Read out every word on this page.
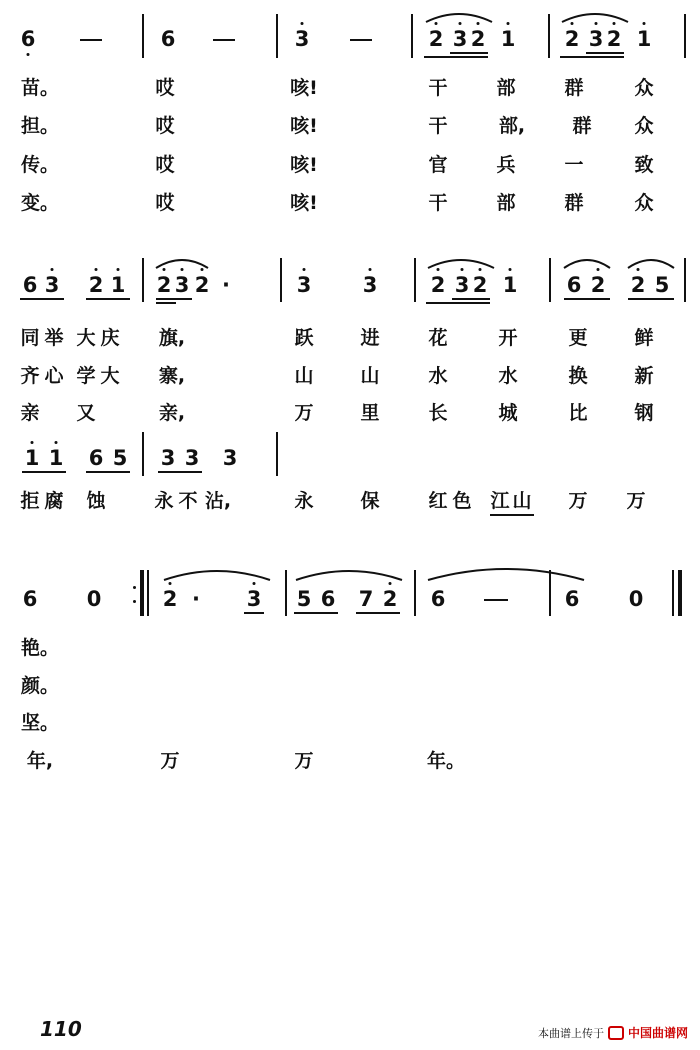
6	6	3	2 3 2 1 2 3 2 1
苗。	哎	咳!	干	部	群	众
担。	哎	咳!	干	部, 群 众
传。	哎	咳!	官	兵	一	致
变。	哎	咳!	干	部	群	众
6 3 2 1 2 3 2 ·	3 3	2 3 2 1 6 2 2 5
同 举 大 庆 旗,	跃 进	花	开	更 鲜
齐 心 学 大 寨,	山 山	水	水	换 新
亲 又	亲,	万 里	长	城	比 钢
1 1 6 5 3 3 3
拒 腐 蚀	永 不 沾,	永 保	红 色 江 山 万 万
6 0	2 · 3 5 6 7 2 6	6 0
艳。
颜。
坚。
年,	万	万	年。
110	本曲谱上传于 中国曲谱网
